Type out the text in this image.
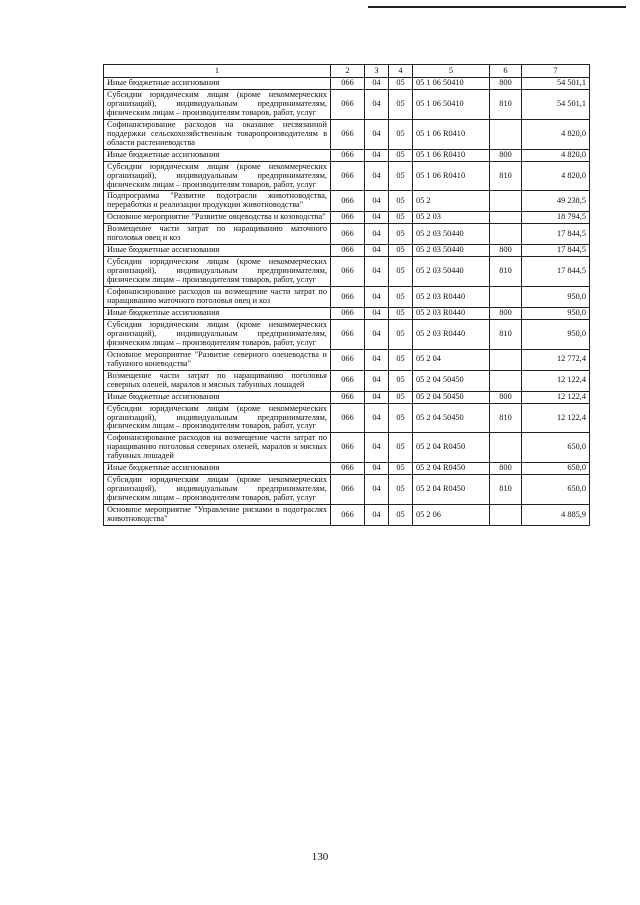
1	2	3	4	5	6	7
Иные бюджетные ассигнования	066	04	05	05 1 06 50410	800	54 501,1
Субсидии юридическим лицам (кроме некоммерческих организаций), индивидуальным предпринимателям, физическим лицам – производителям товаров, работ, услуг	066	04	05	05 1 06 50410	810	54 501,1
Софинансирование расходов на оказание несвязанной поддержки сельскохозяйственным товаропроизводителям в области растениеводства	066	04	05	05 1 06 R0410		4 820,0
Иные бюджетные ассигнования	066	04	05	05 1 06 R0410	800	4 820,0
Субсидии юридическим лицам (кроме некоммерческих организаций), индивидуальным предпринимателям, физическим лицам – производителям товаров, работ, услуг	066	04	05	05 1 06 R0410	810	4 820,0
Подпрограмма "Развитие подотрасли животноводства, переработки и реализации продукции животноводства"	066	04	05	05 2		49 238,5
Основное мероприятие "Развитие овцеводства и козоводства"	066	04	05	05 2 03		18 794,5
Возмещение части затрат по наращиванию маточного поголовья овец и коз	066	04	05	05 2 03 50440		17 844,5
Иные бюджетные ассигнования	066	04	05	05 2 03 50440	800	17 844,5
Субсидии юридическим лицам (кроме некоммерческих организаций), индивидуальным предпринимателям, физическим лицам – производителям товаров, работ, услуг	066	04	05	05 2 03 50440	810	17 844,5
Софинансирование расходов на возмещение части затрат по наращиванию маточного поголовья овец и коз	066	04	05	05 2 03 R0440		950,0
Иные бюджетные ассигнования	066	04	05	05 2 03 R0440	800	950,0
Субсидии юридическим лицам (кроме некоммерческих организаций), индивидуальным предпринимателям, физическим лицам – производителям товаров, работ, услуг	066	04	05	05 2 03 R0440	810	950,0
Основное мероприятие "Развитие северного оленеводства и табунного коневодства"	066	04	05	05 2 04		12 772,4
Возмещение части затрат по наращиванию поголовья северных оленей, маралов и мясных табунных лошадей	066	04	05	05 2 04 50450		12 122,4
Иные бюджетные ассигнования	066	04	05	05 2 04 50450	800	12 122,4
Субсидии юридическим лицам (кроме некоммерческих организаций), индивидуальным предпринимателям, физическим лицам – производителям товаров, работ, услуг	066	04	05	05 2 04 50450	810	12 122,4
Софинансирование расходов на возмещение части затрат по наращиванию поголовья северных оленей, маралов и мясных табунных лошадей	066	04	05	05 2 04 R0450		650,0
Иные бюджетные ассигнования	066	04	05	05 2 04 R0450	800	650,0
Субсидии юридическим лицам (кроме некоммерческих организаций), индивидуальным предпринимателям, физическим лицам – производителям товаров, работ, услуг	066	04	05	05 2 04 R0450	810	650,0
Основное мероприятие "Управление рисками в подотраслях животноводства"	066	04	05	05 2 06		4 885,9
130
